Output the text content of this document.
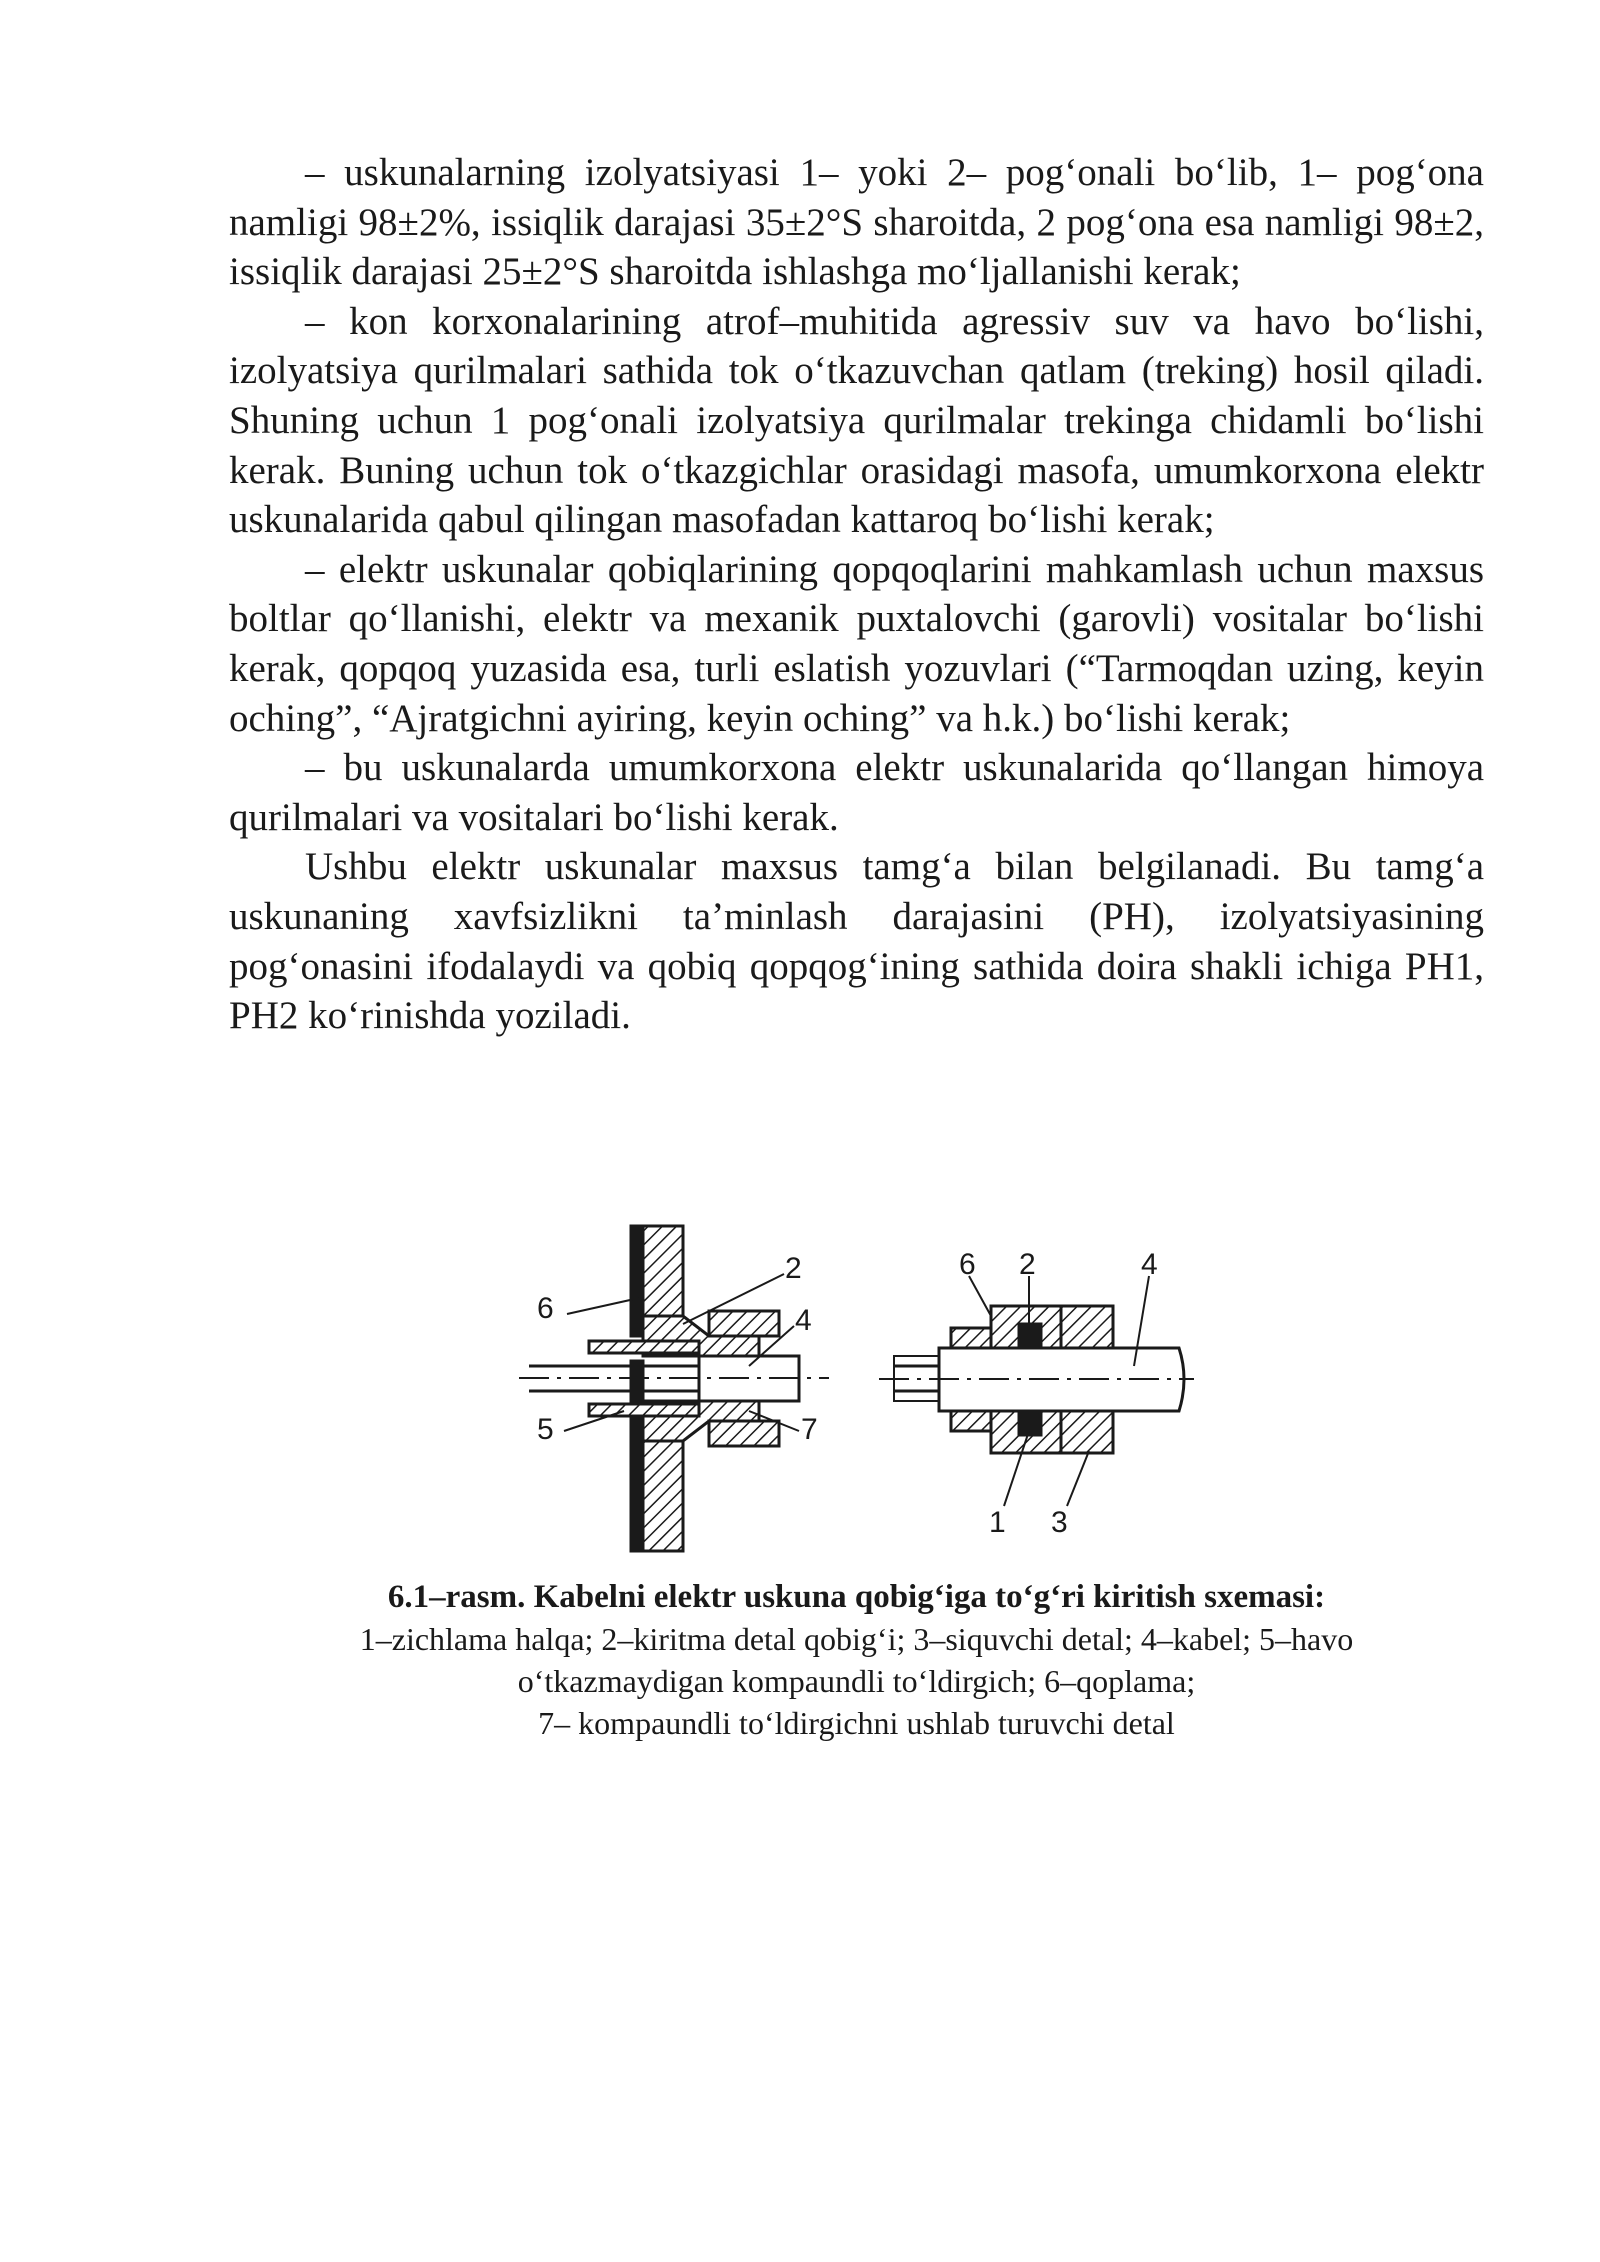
– uskunalarning izolyatsiyasi 1– yoki 2– pog‘onali bo‘lib, 1– pog‘ona namligi 98±2%, issiqlik darajasi 35±2°S sharoitda, 2 pog‘ona esa namligi 98±2, issiqlik darajasi 25±2°S sharoitda ishlashga mo‘ljallanishi kerak;

– kon korxonalarining atrof–muhitida agressiv suv va havo bo‘lishi, izolyatsiya qurilmalari sathida tok o‘tkazuvchan qatlam (treking) hosil qiladi. Shuning uchun 1 pog‘onali izolyatsiya qurilmalar trekinga chidamli bo‘lishi kerak. Buning uchun tok o‘tkazgichlar orasidagi masofa, umumkorxona elektr uskunalarida qabul qilingan masofadan kattaroq bo‘lishi kerak;

– elektr uskunalar qobiqlarining qopqoqlarini mahkamlash uchun maxsus boltlar qo‘llanishi, elektr va mexanik puxtalovchi (garovli) vositalar bo‘lishi kerak, qopqoq yuzasida esa, turli eslatish yozuvlari (“Tarmoqdan uzing, keyin oching”, “Ajratgichni ayiring, keyin oching” va h.k.) bo‘lishi kerak;

– bu uskunalarda umumkorxona elektr uskunalarida qo‘llangan himoya qurilmalari va vositalari bo‘lishi kerak.

Ushbu elektr uskunalar maxsus tamg‘a bilan belgilanadi. Bu tamg‘a uskunaning xavfsizlikni ta’minlash darajasini (PH), izolyatsiyasining pog‘onasini ifodalaydi va qobiq qopqog‘ining sathida doira shakli ichiga PH1, PH2 ko‘rinishda yoziladi.

6
2
4
5	7
6 2	4
1 3

6.1–rasm. Kabelni elektr uskuna qobig‘iga to‘g‘ri kiritish sxemasi:

1–zichlama halqa; 2–kiritma detal qobig‘i; 3–siquvchi detal; 4–kabel; 5–havo

o‘tkazmaydigan kompaundli to‘ldirgich; 6–qoplama;

7– kompaundli to‘ldirgichni ushlab turuvchi detal
